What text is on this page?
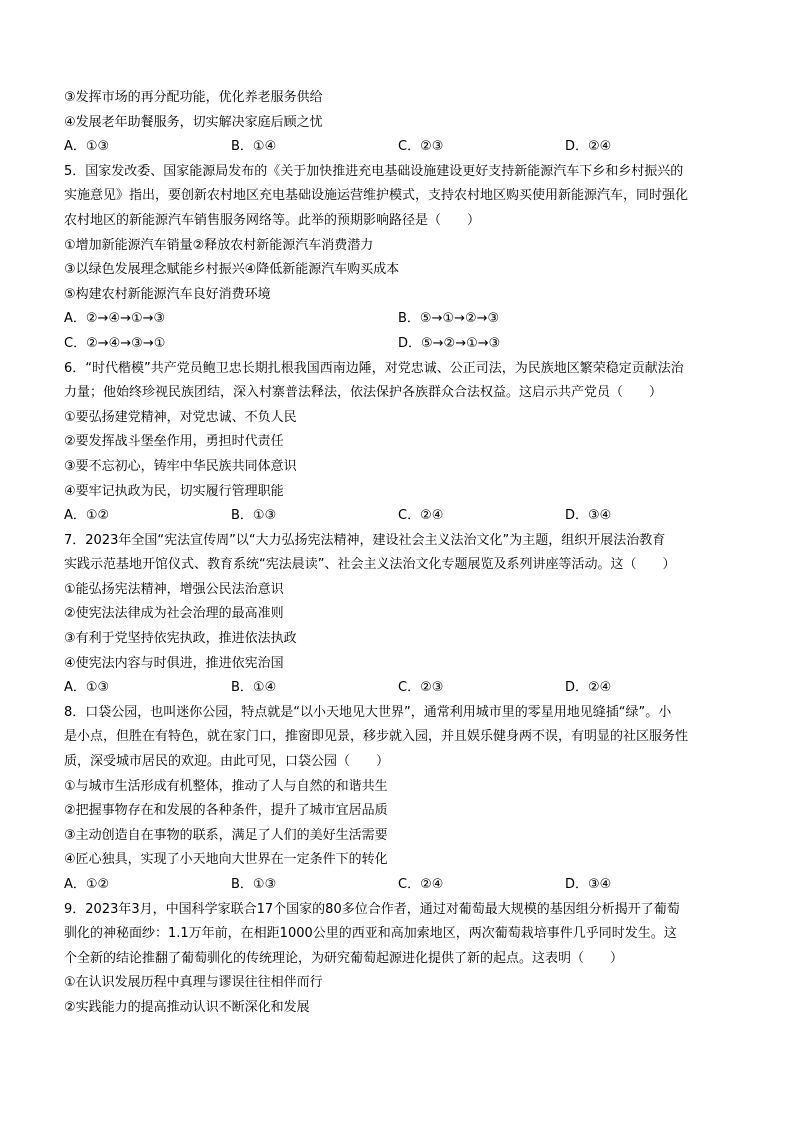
③发挥市场的再分配功能，优化养老服务供给
④发展老年助餐服务，切实解决家庭后顾之忧
A．①③	B．①④	C．②③	D．②④
5．国家发改委、国家能源局发布的《关于加快推进充电基础设施建设更好支持新能源汽车下乡和乡村振兴的
实施意见》指出，要创新农村地区充电基础设施运营维护模式，支持农村地区购买使用新能源汽车，同时强化
农村地区的新能源汽车销售服务网络等。此举的预期影响路径是（　　）
①增加新能源汽车销量②释放农村新能源汽车消费潜力
③以绿色发展理念赋能乡村振兴④降低新能源汽车购买成本
⑤构建农村新能源汽车良好消费环境
A．②→④→①→③	B．⑤→①→②→③
C．②→④→③→①	D．⑤→②→①→③
6．“时代楷模”共产党员鲍卫忠长期扎根我国西南边陲，对党忠诚、公正司法，为民族地区繁荣稳定贡献法治
力量；他始终珍视民族团结，深入村寨普法释法，依法保护各族群众合法权益。这启示共产党员（　　）
①要弘扬建党精神，对党忠诚、不负人民
②要发挥战斗堡垒作用，勇担时代责任
③要不忘初心，铸牢中华民族共同体意识
④要牢记执政为民，切实履行管理职能
A．①②	B．①③	C．②④	D．③④
7．2023年全国“宪法宣传周”以“大力弘扬宪法精神，建设社会主义法治文化”为主题，组织开展法治教育
实践示范基地开馆仪式、教育系统“宪法晨读”、社会主义法治文化专题展览及系列讲座等活动。这（　　）
①能弘扬宪法精神，增强公民法治意识
②使宪法法律成为社会治理的最高准则
③有利于党坚持依宪执政，推进依法执政
④使宪法内容与时俱进，推进依宪治国
A．①③	B．①④	C．②③	D．②④
8．口袋公园，也叫迷你公园，特点就是“以小天地见大世界”，通常利用城市里的零星用地见缝插“绿”。小
是小点，但胜在有特色，就在家门口，推窗即见景，移步就入园，并且娱乐健身两不误，有明显的社区服务性
质，深受城市居民的欢迎。由此可见，口袋公园（　　）
①与城市生活形成有机整体，推动了人与自然的和谐共生
②把握事物存在和发展的各种条件，提升了城市宜居品质
③主动创造自在事物的联系，满足了人们的美好生活需要
④匠心独具，实现了小天地向大世界在一定条件下的转化
A．①②	B．①③	C．②④	D．③④
9．2023年3月，中国科学家联合17个国家的80多位合作者，通过对葡萄最大规模的基因组分析揭开了葡萄
驯化的神秘面纱：1.1万年前，在相距1000公里的西亚和高加索地区，两次葡萄栽培事件几乎同时发生。这
个全新的结论推翻了葡萄驯化的传统理论，为研究葡萄起源进化提供了新的起点。这表明（　　）
①在认识发展历程中真理与谬误往往相伴而行
②实践能力的提高推动认识不断深化和发展
